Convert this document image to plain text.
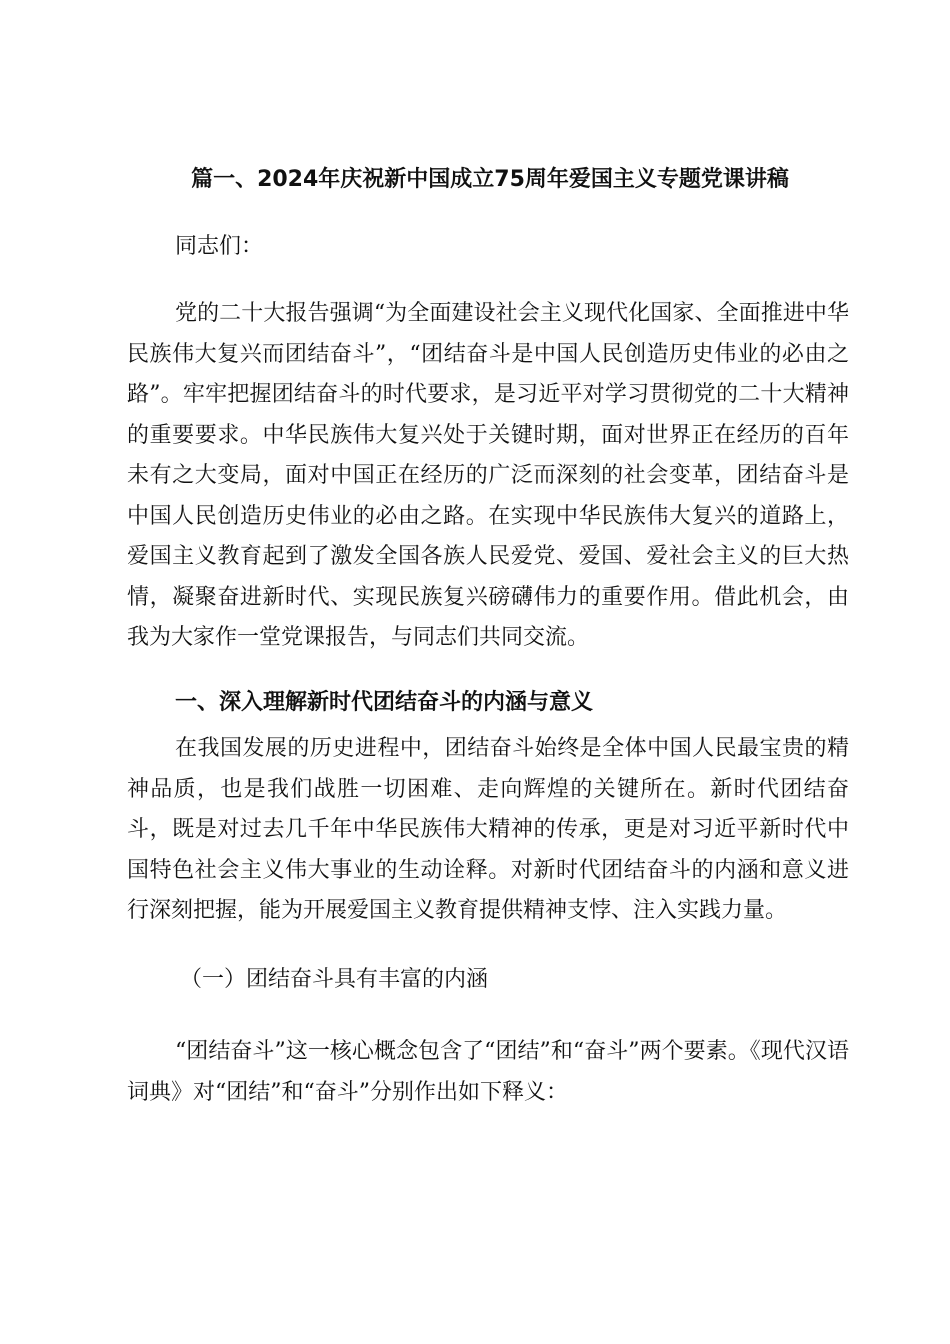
篇一、2024年庆祝新中国成立75周年爱国主义专题党课讲稿
同志们：
党的二十大报告强调“为全面建设社会主义现代化国家、全面推进中华民族伟大复兴而团结奋斗”，“团结奋斗是中国人民创造历史伟业的必由之路”。牢牢把握团结奋斗的时代要求，是习近平对学习贯彻党的二十大精神的重要要求。中华民族伟大复兴处于关键时期，面对世界正在经历的百年未有之大变局，面对中国正在经历的广泛而深刻的社会变革，团结奋斗是中国人民创造历史伟业的必由之路。在实现中华民族伟大复兴的道路上，爱国主义教育起到了激发全国各族人民爱党、爱国、爱社会主义的巨大热情，凝聚奋进新时代、实现民族复兴磅礴伟力的重要作用。借此机会，由我为大家作一堂党课报告，与同志们共同交流。
一、深入理解新时代团结奋斗的内涵与意义
在我国发展的历史进程中，团结奋斗始终是全体中国人民最宝贵的精神品质，也是我们战胜一切困难、走向辉煌的关键所在。新时代团结奋斗，既是对过去几千年中华民族伟大精神的传承，更是对习近平新时代中国特色社会主义伟大事业的生动诠释。对新时代团结奋斗的内涵和意义进行深刻把握，能为开展爱国主义教育提供精神支悖、注入实践力量。
（一）团结奋斗具有丰富的内涵
“团结奋斗”这一核心概念包含了“团结”和“奋斗”两个要素。《现代汉语词典》对“团结”和“奋斗”分别作出如下释义：
